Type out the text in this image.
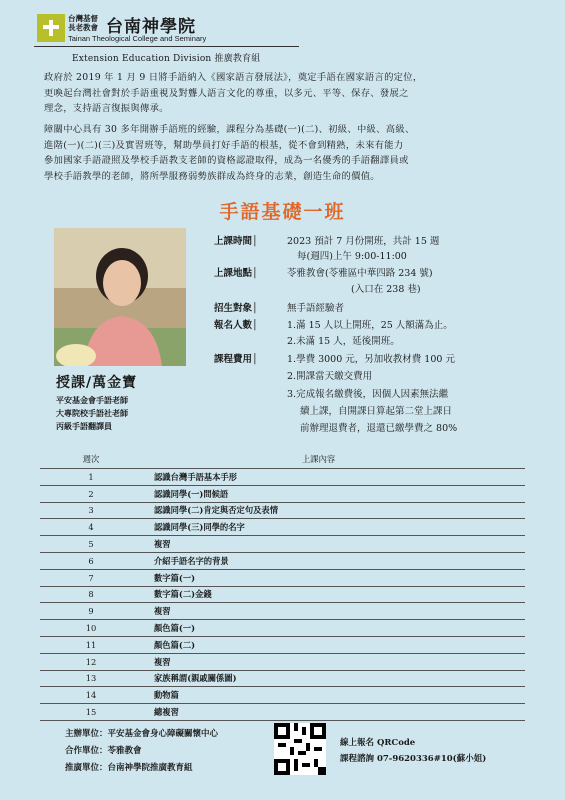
台灣基督
長老教會 台南神學院
Tainan Theological College and Seminary
Extension Education Division 推廣教育組
政府於 2019 年 1 月 9 日將手語納入《國家語言發展法》，奠定手語在國家語言的定位，
更喚起台灣社會對於手語重視及對聾人語言文化的尊重，以多元、平等、保存、發展之
理念，支持語言復振與傳承。
障關中心具有 30 多年開辦手語班的經驗，課程分為基礎(一)(二)、初級、中級、高級、
進階(一)(二)(三)及實習班等，幫助學員打好手語的根基，從不會到精熟，未來有能力
參加國家手語證照及學校手語教支老師的資格認證取得，成為一名優秀的手語翻譯員或
學校手語教學的老師，將所學服務弱勢族群成為終身的志業，創造生命的價值。
手語基礎一班
授課/萬金寶
平安基金會手語老師
大專院校手語社老師
丙級手語翻譯員
上課時間│	2023 預計 7 月份開班，共計 15 週
每(週四)上午 9:00-11:00
上課地點│	苓雅教會(苓雅區中華四路 234 號)
(入口在 238 巷)
招生對象│	無手語經驗者
報名人數│	1.滿 15 人以上開班，25 人額滿為止。
2.未滿 15 人，延後開班。
課程費用│	1.學費 3000 元，另加收教材費 100 元
2.開課當天繳交費用
3.完成報名繳費後，因個人因素無法繼
續上課，自開課日算起第二堂上課日
前辦理退費者，退還已繳學費之 80%
週次	上課內容
1	認識台灣手語基本手形
2	認識同學(一)問候語
3	認識同學(二)肯定與否定句及表情
4	認識同學(三)同學的名字
5	複習
6	介紹手語名字的背景
7	數字篇(一)
8	數字篇(二)金錢
9	複習
10	顏色篇(一)
11	顏色篇(二)
12	複習
13	家族稱謂(親戚關係圖)
14	動物篇
15	總複習
主辦單位：平安基金會身心障礙關懷中心
合作單位：苓雅教會
推廣單位：台南神學院推廣教育組
線上報名 QRCode
課程諮詢 07-9620336#10(蘇小姐)
